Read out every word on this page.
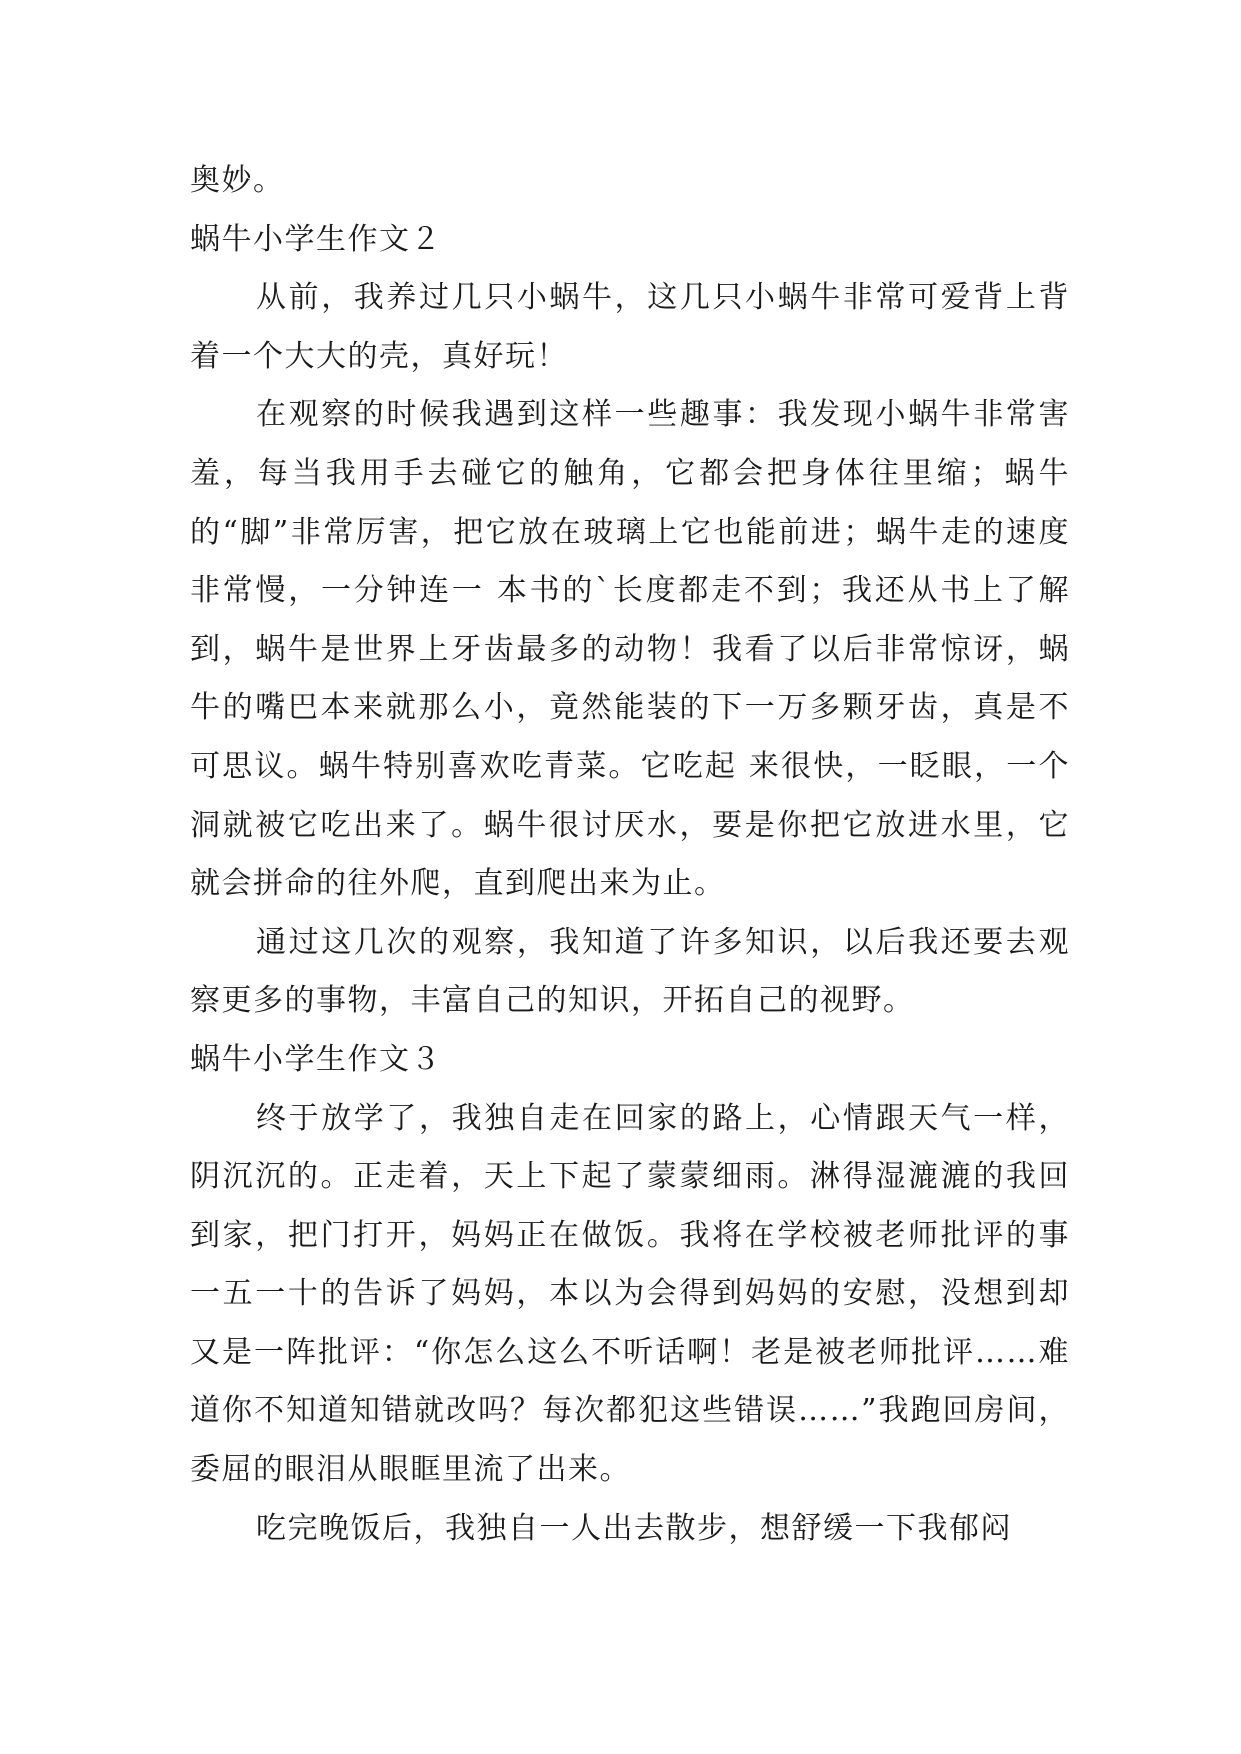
奥妙。

蜗牛小学生作文２

从前，我养过几只小蜗牛，这几只小蜗牛非常可爱背上背着一个大大的壳，真好玩！

在观察的时候我遇到这样一些趣事：我发现小蜗牛非常害羞，每当我用手去碰它的触角，它都会把身体往里缩；蜗牛的“脚”非常厉害，把它放在玻璃上它也能前进；蜗牛走的速度非常慢，一分钟连一 本书的`长度都走不到；我还从书上了解到，蜗牛是世界上牙齿最多的动物！我看了以后非常惊讶，蜗牛的嘴巴本来就那么小，竟然能装的下一万多颗牙齿，真是不可思议。蜗牛特别喜欢吃青菜。它吃起 来很快，一眨眼，一个洞就被它吃出来了。蜗牛很讨厌水，要是你把它放进水里，它就会拼命的往外爬，直到爬出来为止。

通过这几次的观察，我知道了许多知识，以后我还要去观察更多的事物，丰富自己的知识，开拓自己的视野。

蜗牛小学生作文３

终于放学了，我独自走在回家的路上，心情跟天气一样，阴沉沉的。正走着，天上下起了蒙蒙细雨。淋得湿漉漉的我回到家，把门打开，妈妈正在做饭。我将在学校被老师批评的事一五一十的告诉了妈妈，本以为会得到妈妈的安慰，没想到却又是一阵批评：“你怎么这么不听话啊！老是被老师批评……难道你不知道知错就改吗？每次都犯这些错误……”我跑回房间，委屈的眼泪从眼眶里流了出来。

吃完晚饭后，我独自一人出去散步，想舒缓一下我郁闷
